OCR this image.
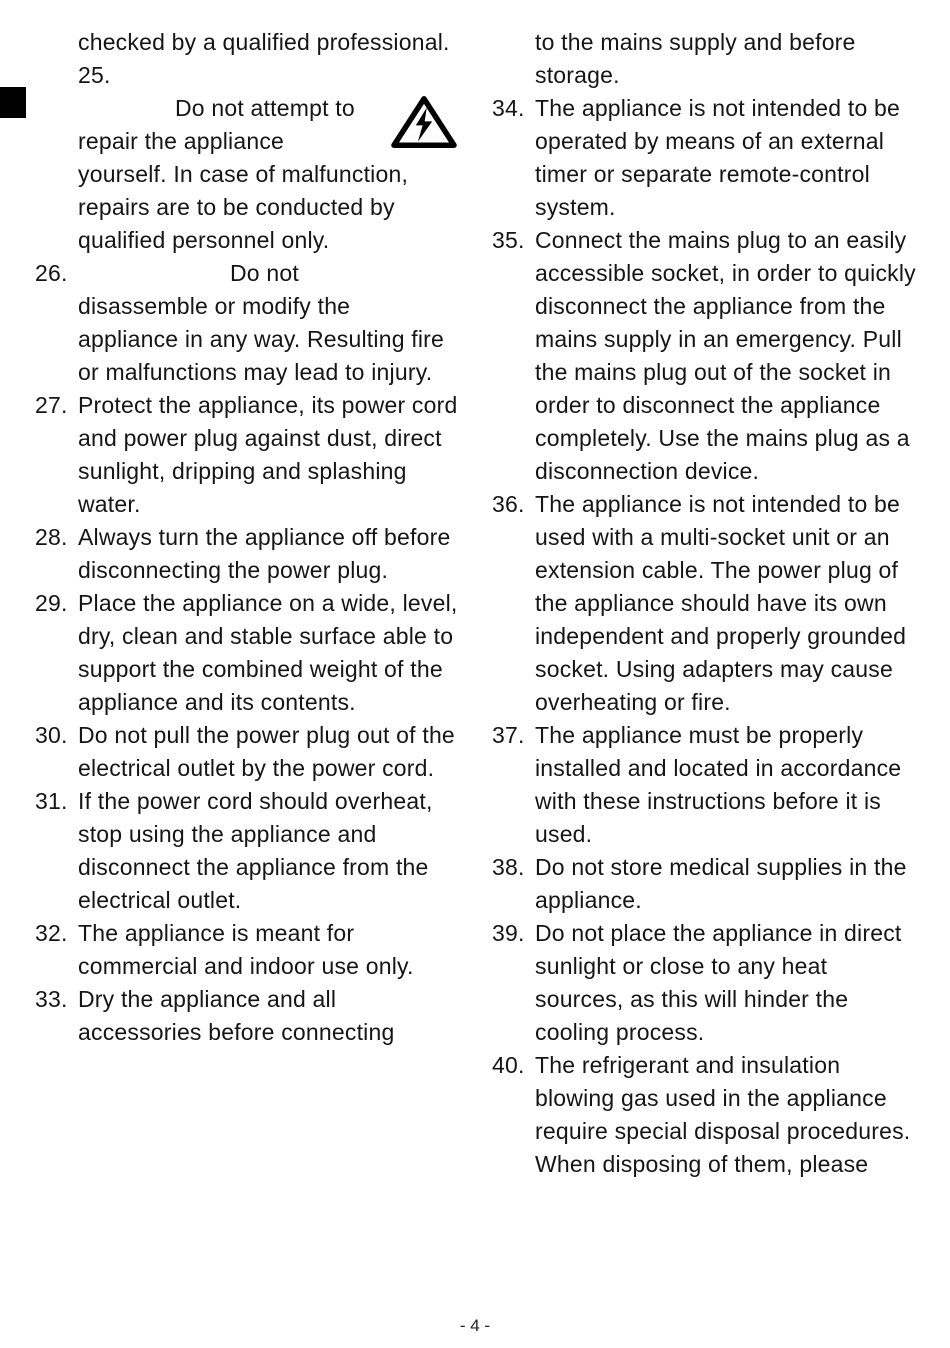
checked by a qualified professional.
25.
Do not attempt to repair the appliance yourself. In case of malfunction, repairs are to be conducted by qualified personnel only.
26.	Do not disassemble or modify the appliance in any way. Resulting fire or malfunctions may lead to injury.
27. Protect the appliance, its power cord and power plug against dust, direct sunlight, dripping and splashing water.
28. Always turn the appliance off before disconnecting the power plug.
29. Place the appliance on a wide, level, dry, clean and stable surface able to support the combined weight of the appliance and its contents.
30. Do not pull the power plug out of the electrical outlet by the power cord.
31. If the power cord should overheat, stop using the appliance and disconnect the appliance from the electrical outlet.
32. The appliance is meant for commercial and indoor use only.
33. Dry the appliance and all accessories before connecting
to the mains supply and before storage.
34. The appliance is not intended to be operated by means of an external timer or separate remote-control system.
35. Connect the mains plug to an easily accessible socket, in order to quickly disconnect the appliance from the mains supply in an emergency. Pull the mains plug out of the socket in order to disconnect the appliance completely. Use the mains plug as a disconnection device.
36. The appliance is not intended to be used with a multi-socket unit or an extension cable. The power plug of the appliance should have its own independent and properly grounded socket. Using adapters may cause overheating or fire.
37. The appliance must be properly installed and located in accordance with these instructions before it is used.
38. Do not store medical supplies in the appliance.
39. Do not place the appliance in direct sunlight or close to any heat sources, as this will hinder the cooling process.
40. The refrigerant and insulation blowing gas used in the appliance require special disposal procedures. When disposing of them, please
- 4 -
